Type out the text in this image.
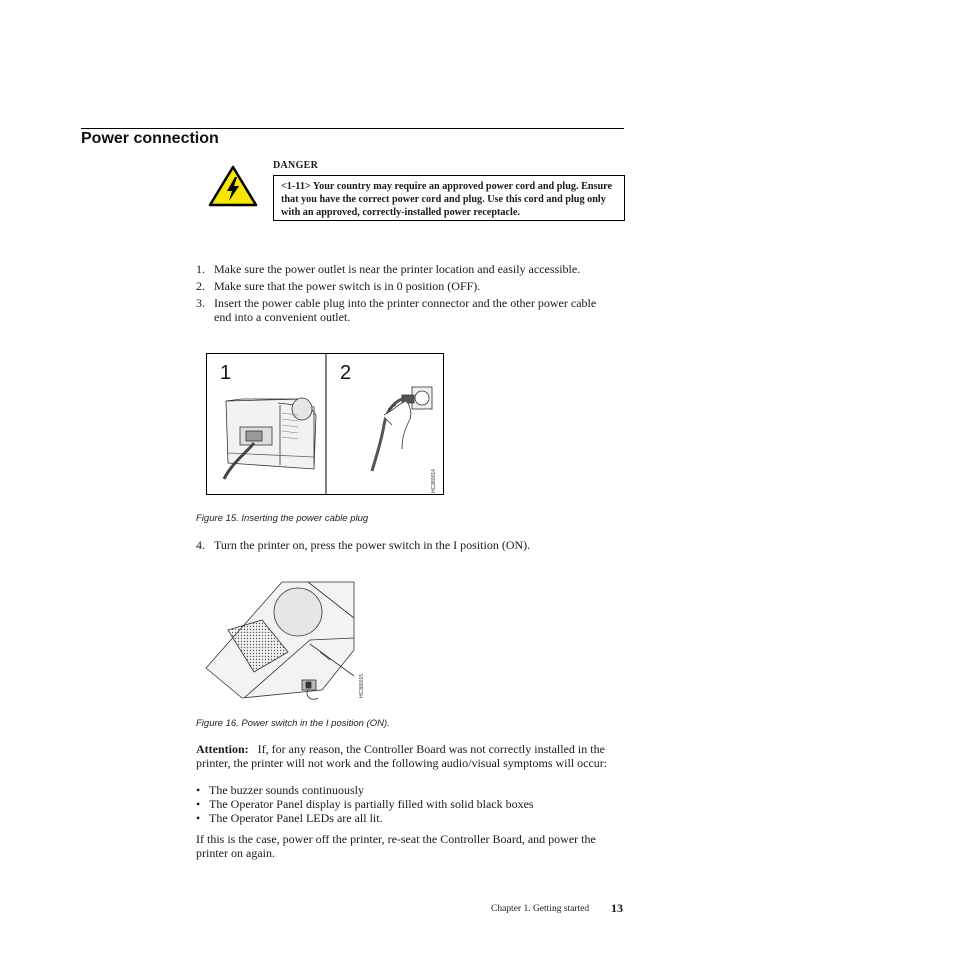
Power connection
DANGER
<1-11> Your country may require an approved power cord and plug. Ensure that you have the correct power cord and plug. Use this cord and plug only with an approved, correctly-installed power receptacle.
1. Make sure the power outlet is near the printer location and easily accessible.
2. Make sure that the power switch is in 0 position (OFF).
3. Insert the power cable plug into the printer connector and the other power cable end into a convenient outlet.
1	2
HC380014
Figure 15. Inserting the power cable plug
4. Turn the printer on, press the power switch in the I position (ON).
HC380015
Figure 16. Power switch in the I position (ON).

Attention: If, for any reason, the Controller Board was not correctly installed in the printer, the printer will not work and the following audio/visual symptoms will occur:

• The buzzer sounds continuously
• The Operator Panel display is partially filled with solid black boxes
• The Operator Panel LEDs are all lit.

If this is the case, power off the printer, re-seat the Controller Board, and power the printer on again.

Chapter 1. Getting started 13
